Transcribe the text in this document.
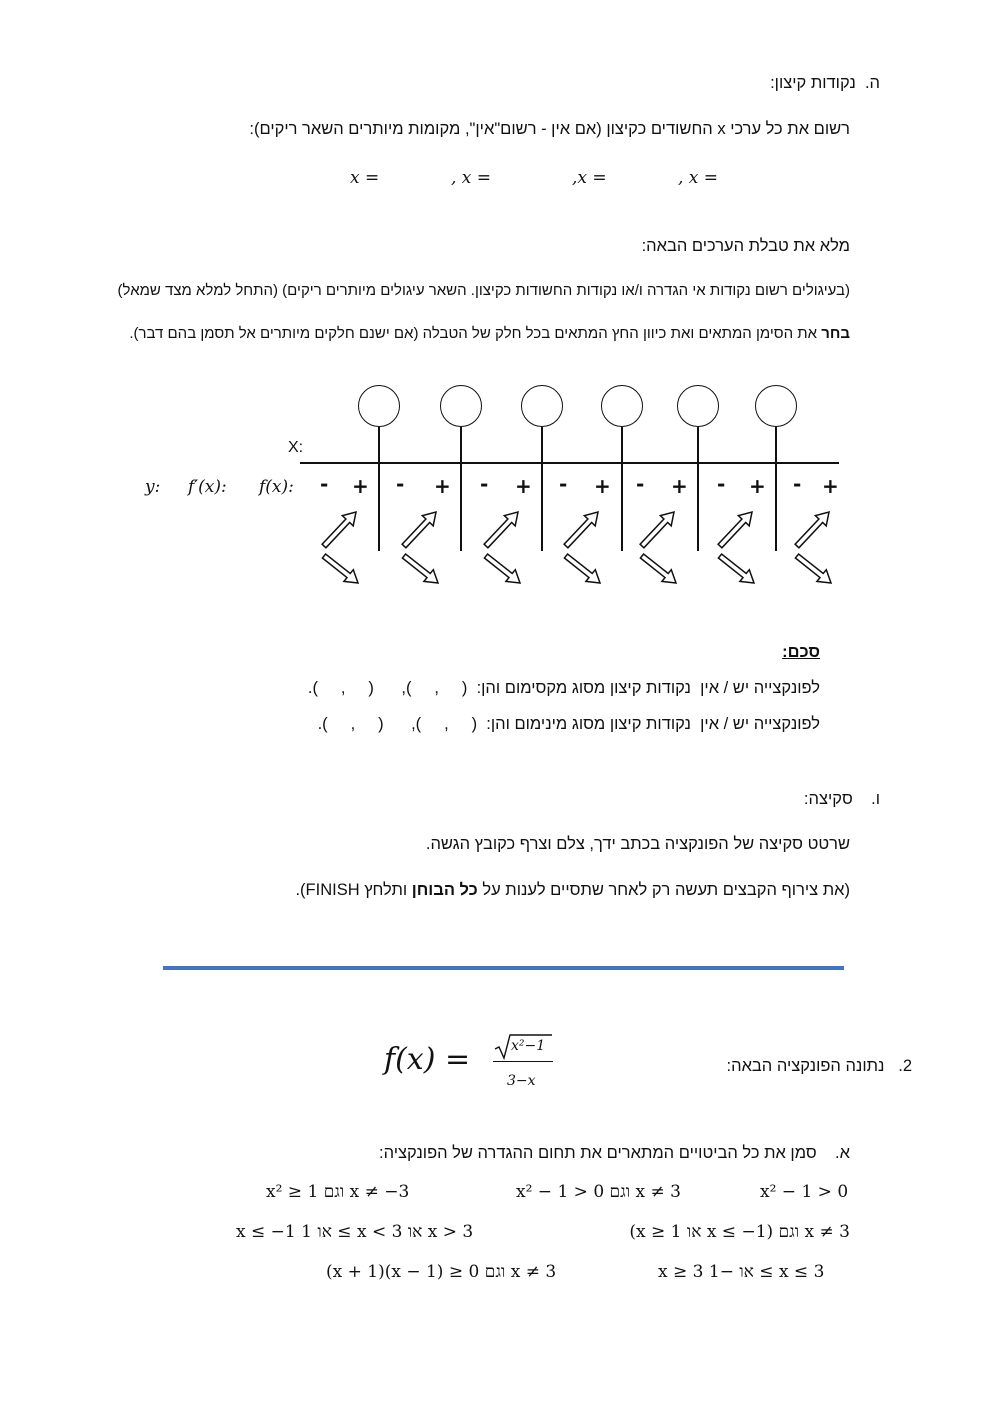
ה.  נקודות קיצון:
רשום את כל ערכי x החשודים כקיצון (אם אין - רשום"אין", מקומות מיותרים השאר ריקים):
, x =
,x =
, x =
x =
מלא את טבלת הערכים הבאה:
(בעיגולים רשום נקודות אי הגדרה ו/או נקודות החשודות כקיצון. השאר עיגולים מיותרים ריקים) (התחל למלא מצד שמאל)
בחר את הסימן המתאים ואת כיוון החץ המתאים בכל חלק של הטבלה (אם ישנם חלקים מיותרים אל תסמן בהם דבר).
X:
y: f′(x): f(x): - + - + - + - + - + - + - +
סכם:
לפונקצייה יש / אין  נקודות קיצון מסוג מקסימום והן:  (     ,     ),      (     ,     ).
לפונקצייה יש / אין  נקודות קיצון מסוג מינימום והן:  (     ,     ),      (     ,     ).
ו.    סקיצה:
שרטט סקיצה של הפונקציה בכתב ידך, צלם וצרף כקובץ הגשה.
(את צירוף הקבצים תעשה רק לאחר שתסיים לענות על כל הבוחן ותלחץ FINISH).
2.   נתונה הפונקציה הבאה:
f(x) =	x²−1
3−x
א.    סמן את כל הביטויים המתארים את תחום ההגדרה של הפונקציה:
x² − 1 > 0
x² − 1 > 0 וגם x ≠ 3
x² ≥ 1 וגם x ≠ −3
x ≠ 3 וגם (x ≤ −1 או x ≥ 1)
x ≤ −1 או 1 ≤ x < 3 או x > 3
x ≥ 3 או −1 ≤ x ≤ 3
(x + 1)(x − 1) ≥ 0 וגם x ≠ 3
